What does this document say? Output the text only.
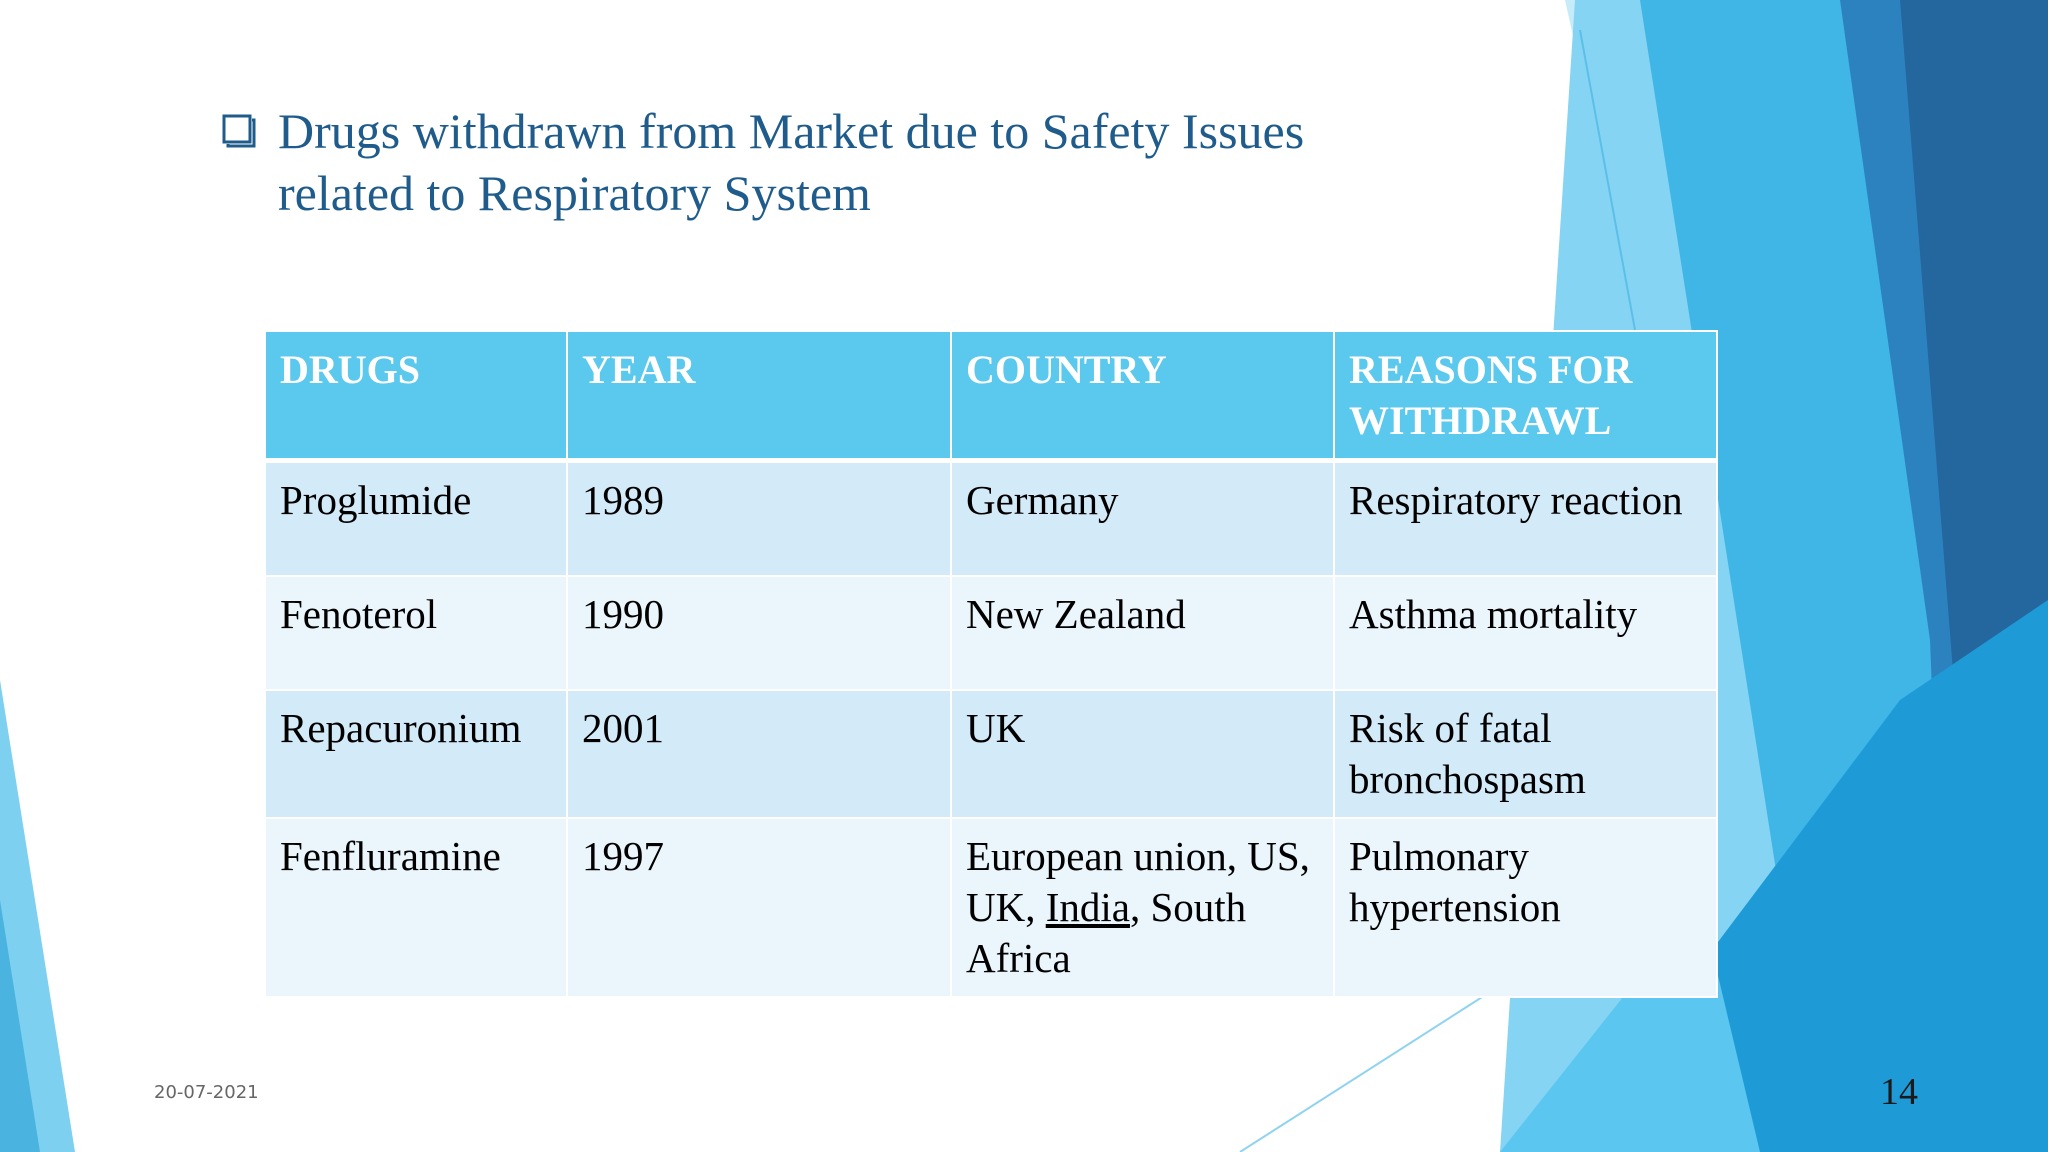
Drugs withdrawn from Market due to Safety Issues
related to Respiratory System
DRUGS	YEAR	COUNTRY	REASONS FOR WITHDRAWL
Proglumide	1989	Germany	Respiratory reaction
Fenoterol	1990	New Zealand	Asthma mortality
Repacuronium	2001	UK	Risk of fatal bronchospasm
Fenfluramine	1997	European union, US, UK, India, South Africa	Pulmonary hypertension
20-07-2021	14
